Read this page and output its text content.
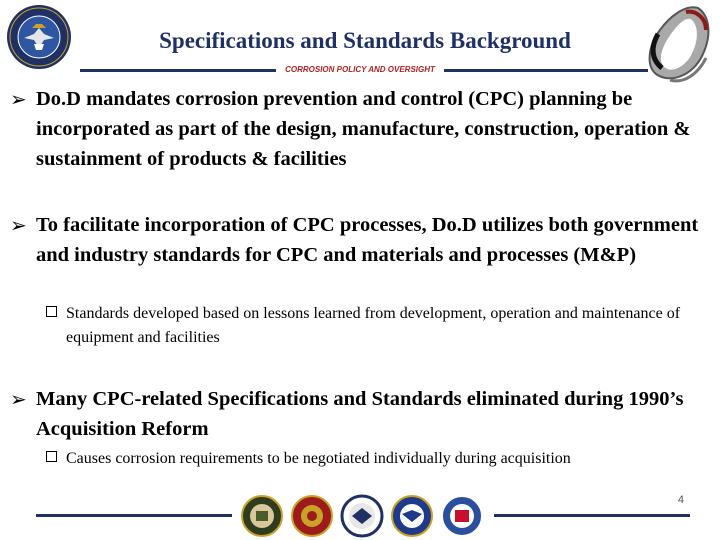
Specifications and Standards Background
CORROSION POLICY AND OVERSIGHT
➢ Do.D mandates corrosion prevention and control (CPC) planning be incorporated as part of the design, manufacture, construction, operation & sustainment of products & facilities
➢ To facilitate incorporation of CPC processes, Do.D utilizes both government and industry standards for CPC and materials and processes (M&P)
Standards developed based on lessons learned from development, operation and maintenance of equipment and facilities
➢ Many CPC-related Specifications and Standards eliminated during 1990’s Acquisition Reform
Causes corrosion requirements to be negotiated individually during acquisition
4
